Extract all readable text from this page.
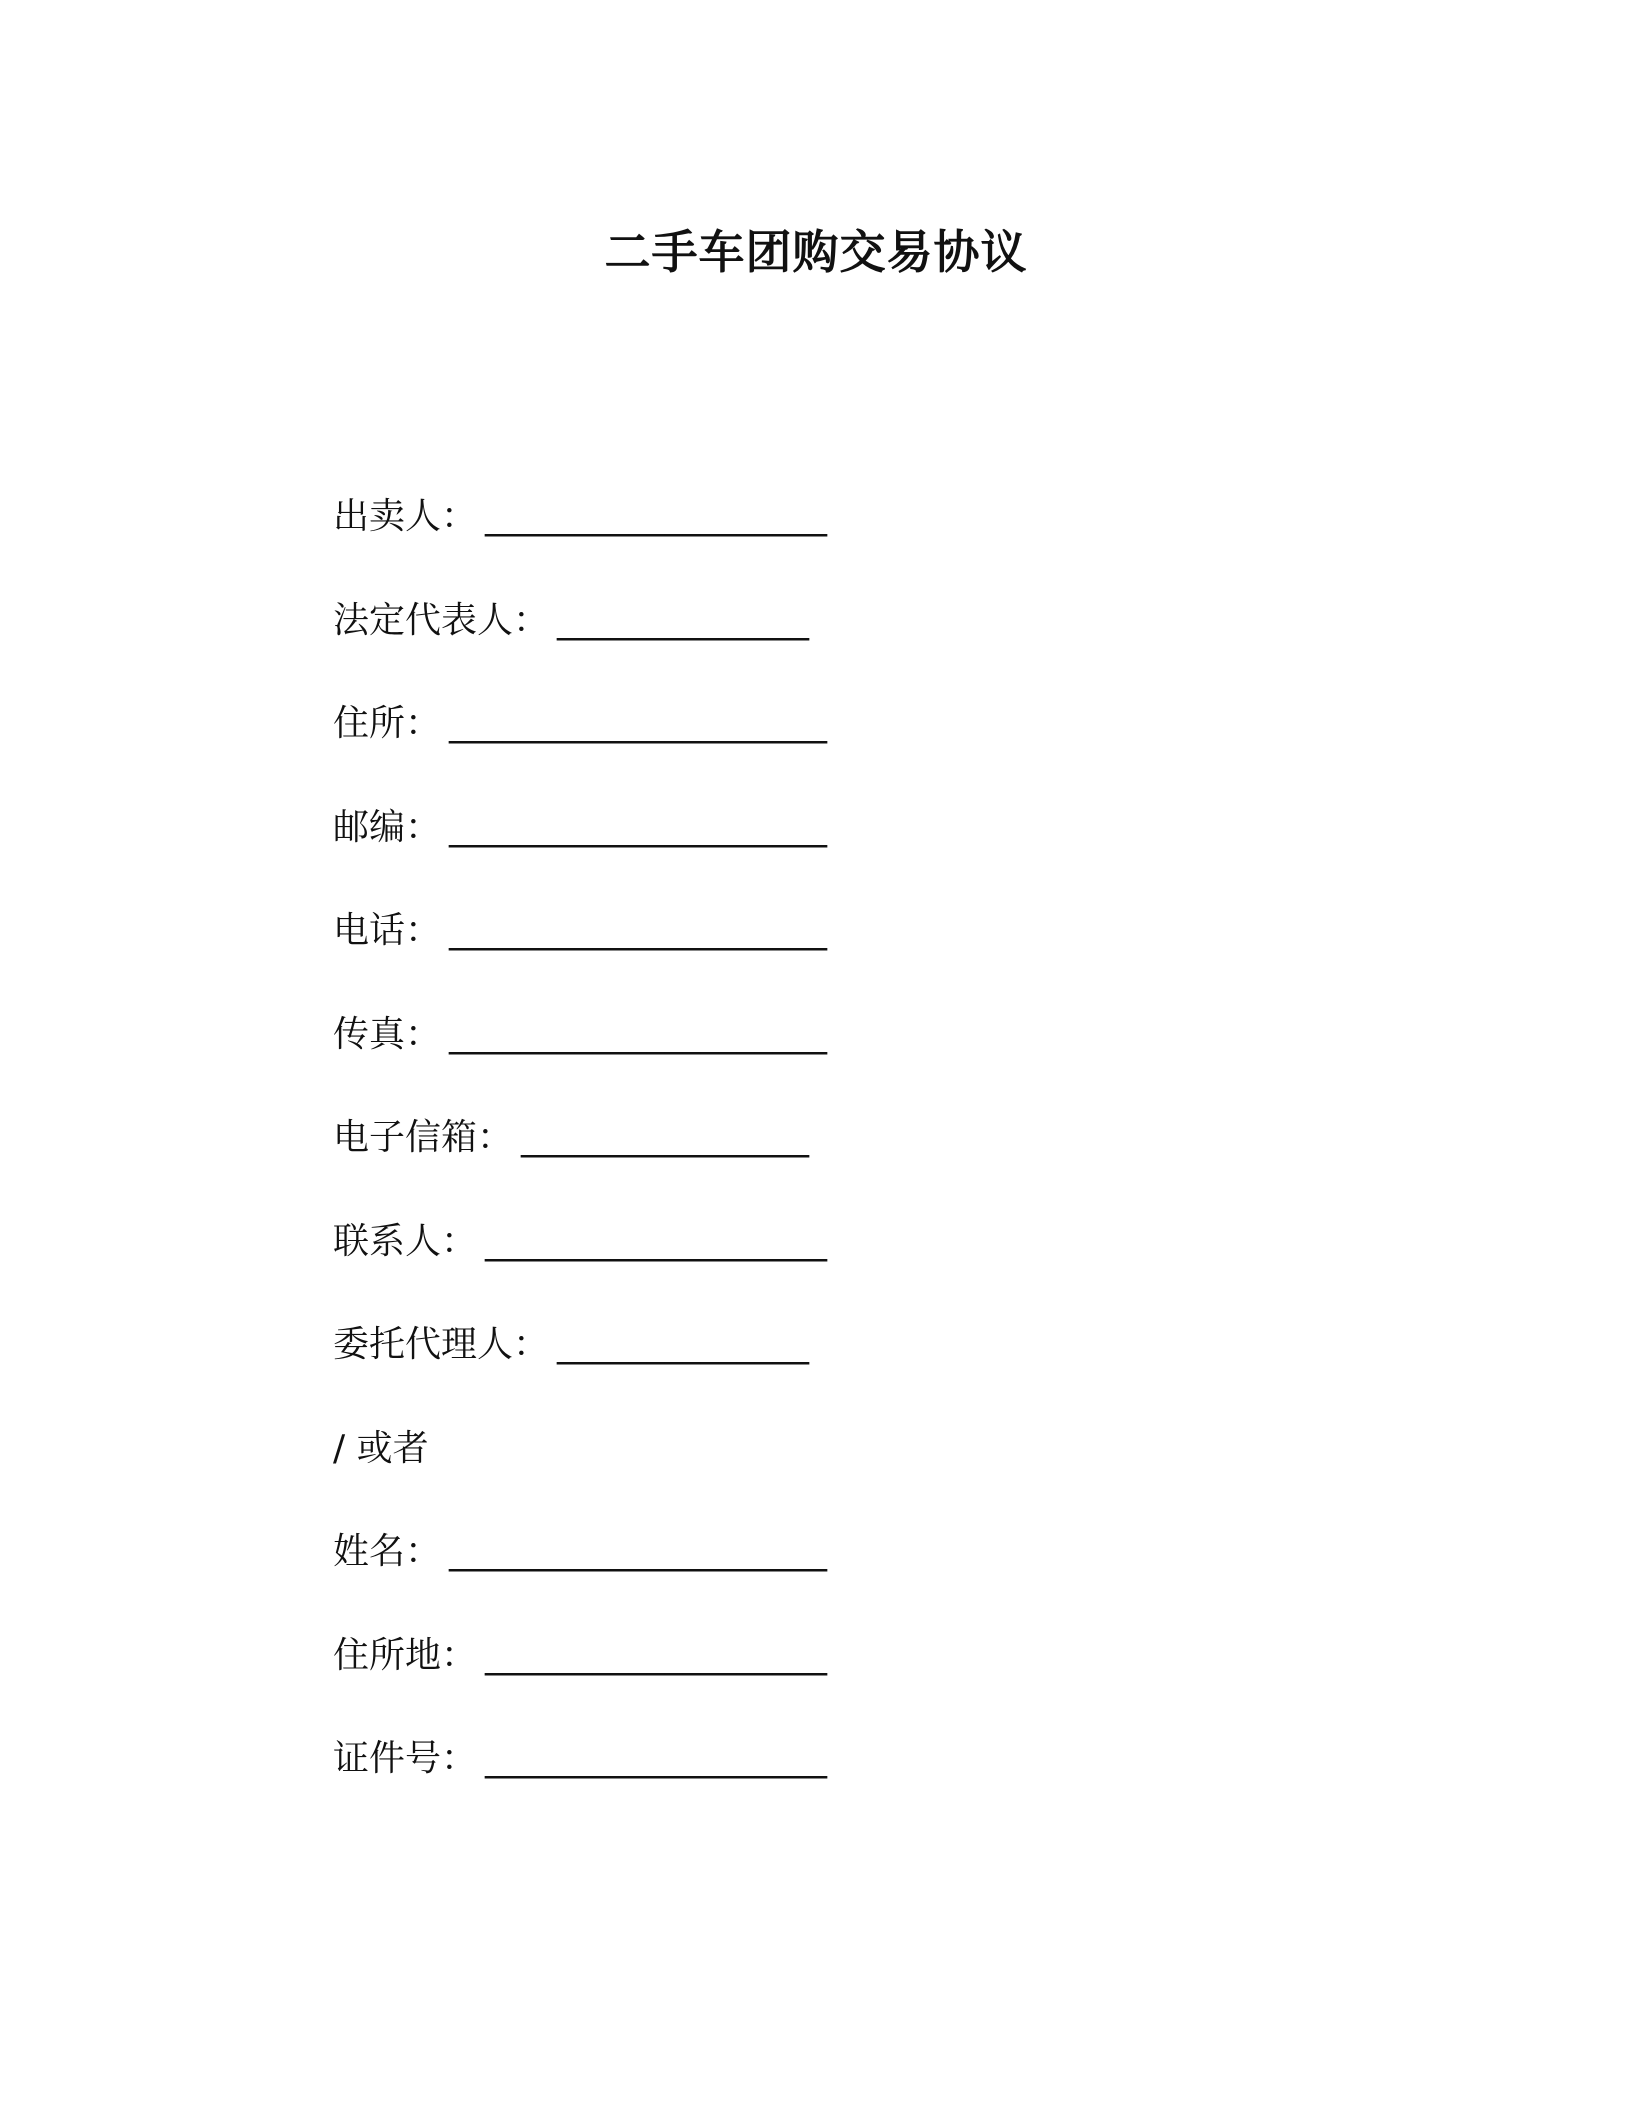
二手车团购交易协议
出卖人： ___________________
法定代表人： ______________
住所： _____________________
邮编： _____________________
电话： _____________________
传真： _____________________
电子信箱： ________________
联系人： ___________________
委托代理人： ______________
/ 或者
姓名： _____________________
住所地： ___________________
证件号： ___________________
